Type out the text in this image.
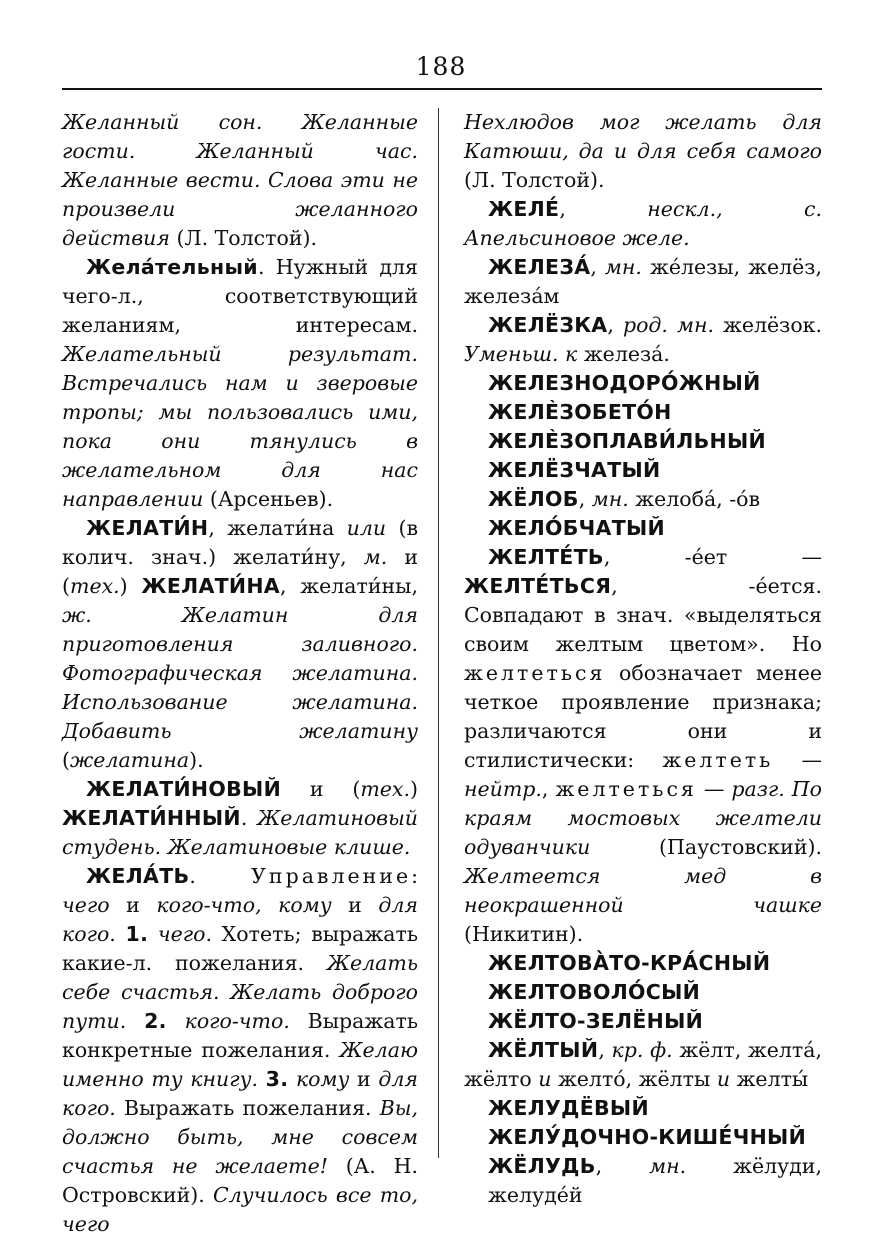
188

Желанный сон. Желанные гости. Желанный час. Желанные вести. Слова эти не произвели желанного действия (Л. Толстой).

Жела́тельный. Нужный для чего-л., соответствующий желаниям, интересам. Желательный результат. Встречались нам и зверовые тропы; мы пользовались ими, пока они тянулись в желательном для нас направлении (Арсеньев).

ЖЕЛАТИ́Н, желати́на или (в колич. знач.) желати́ну, м. и (тех.) ЖЕЛАТИ́НА, желати́ны, ж. Желатин для приготовления заливного. Фотографическая желатина. Использование желатина. Добавить желатину (желатина).

ЖЕЛАТИ́НОВЫЙ и (тех.) ЖЕЛАТИ́ННЫЙ. Желатиновый студень. Желатиновые клише.

ЖЕЛА́ТЬ. Управление: чего и кого-что, кому и для кого. 1. чего. Хотеть; выражать какие-л. пожелания. Желать себе счастья. Желать доброго пути. 2. кого-что. Выражать конкретные пожелания. Желаю именно ту книгу. 3. кому и для кого. Выражать пожелания. Вы, должно быть, мне совсем счастья не желаете! (А. Н. Островский). Случилось все то, чего

Нехлюдов мог желать для Катюши, да и для себя самого (Л. Толстой).

ЖЕЛЕ́, нескл., с. Апельсиновое желе.

ЖЕЛЕЗА́, мн. же́лезы, желёз, железа́м

ЖЕЛЁЗКА, род. мн. желёзок. Уменьш. к железа́.

ЖЕЛЕЗНОДОРО́ЖНЫЙ

ЖЕЛЀЗОБЕТО́Н

ЖЕЛЀЗОПЛАВИ́ЛЬНЫЙ

ЖЕЛЁЗЧАТЫЙ

ЖЁЛОБ, мн. желоба́, -о́в

ЖЕЛО́БЧАТЫЙ

ЖЕЛТЕ́ТЬ, -е́ет — ЖЕЛТЕ́ТЬСЯ, -е́ется. Совпадают в знач. «выделяться своим желтым цветом». Но желтеться обозначает менее четкое проявление признака; различаются они и стилистически: желтеть — нейтр., желтеться — разг. По краям мостовых желтели одуванчики (Паустовский). Желтеется мед в неокрашенной чашке (Никитин).

ЖЕЛТОВА̀ТО-КРА́СНЫЙ

ЖЕЛТОВОЛО́СЫЙ

ЖЁЛТО-ЗЕЛЁНЫЙ

ЖЁЛТЫЙ, кр. ф. жёлт, желта́, жёлто и желто́, жёлты и желты́

ЖЕЛУДЁВЫЙ

ЖЕЛУ́ДОЧНО-КИШЕ́ЧНЫЙ

ЖЁЛУДЬ, мн. жёлуди, желуде́й
